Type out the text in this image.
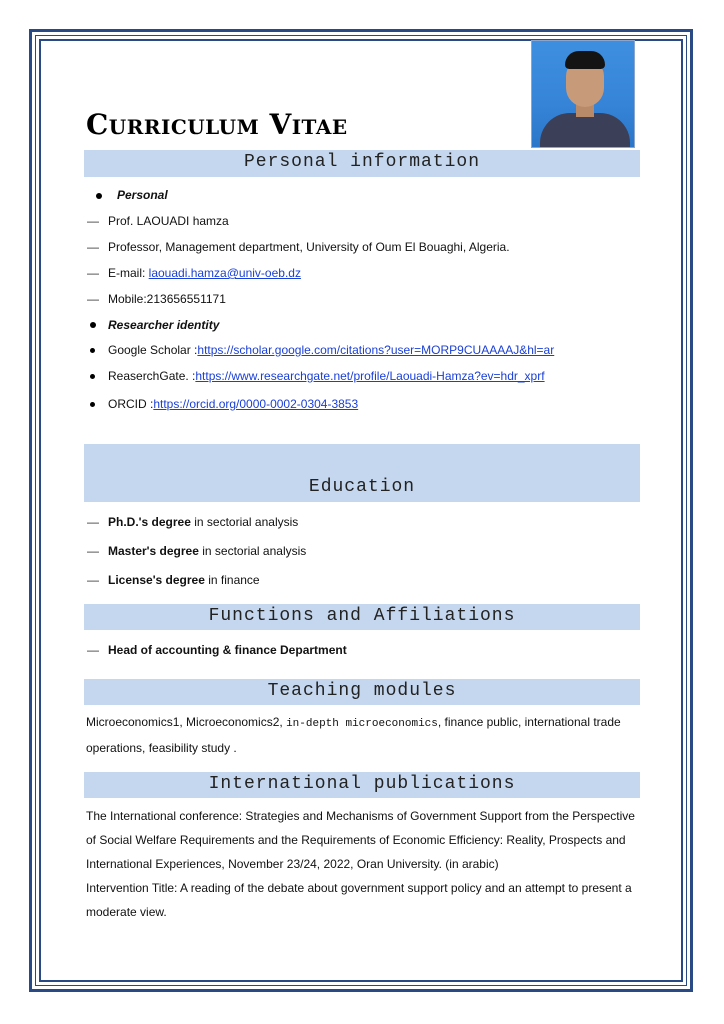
Curriculum Vitae
Personal information
Personal
— Prof. LAOUADI hamza
— Professor, Management department, University of Oum El Bouaghi, Algeria.
— E-mail: laouadi.hamza@univ-oeb.dz
— Mobile:213656551171
Researcher identity
Google Scholar :https://scholar.google.com/citations?user=MORP9CUAAAAJ&hl=ar
ReaserchGate. :https://www.researchgate.net/profile/Laouadi-Hamza?ev=hdr_xprf
ORCID :https://orcid.org/0000-0002-0304-3853
Education
— Ph.D.'s degree in sectorial analysis
— Master's degree in sectorial analysis
— License's degree in finance
Functions and Affiliations
— Head of accounting & finance Department
Teaching modules
Microeconomics1, Microeconomics2, in-depth microeconomics, finance public, international trade operations, feasibility study .
International publications
The International conference: Strategies and Mechanisms of Government Support from the Perspective of Social Welfare Requirements and the Requirements of Economic Efficiency: Reality, Prospects and International Experiences, November 23/24, 2022, Oran University. (in arabic)
Intervention Title: A reading of the debate about government support policy and an attempt to present a moderate view.
